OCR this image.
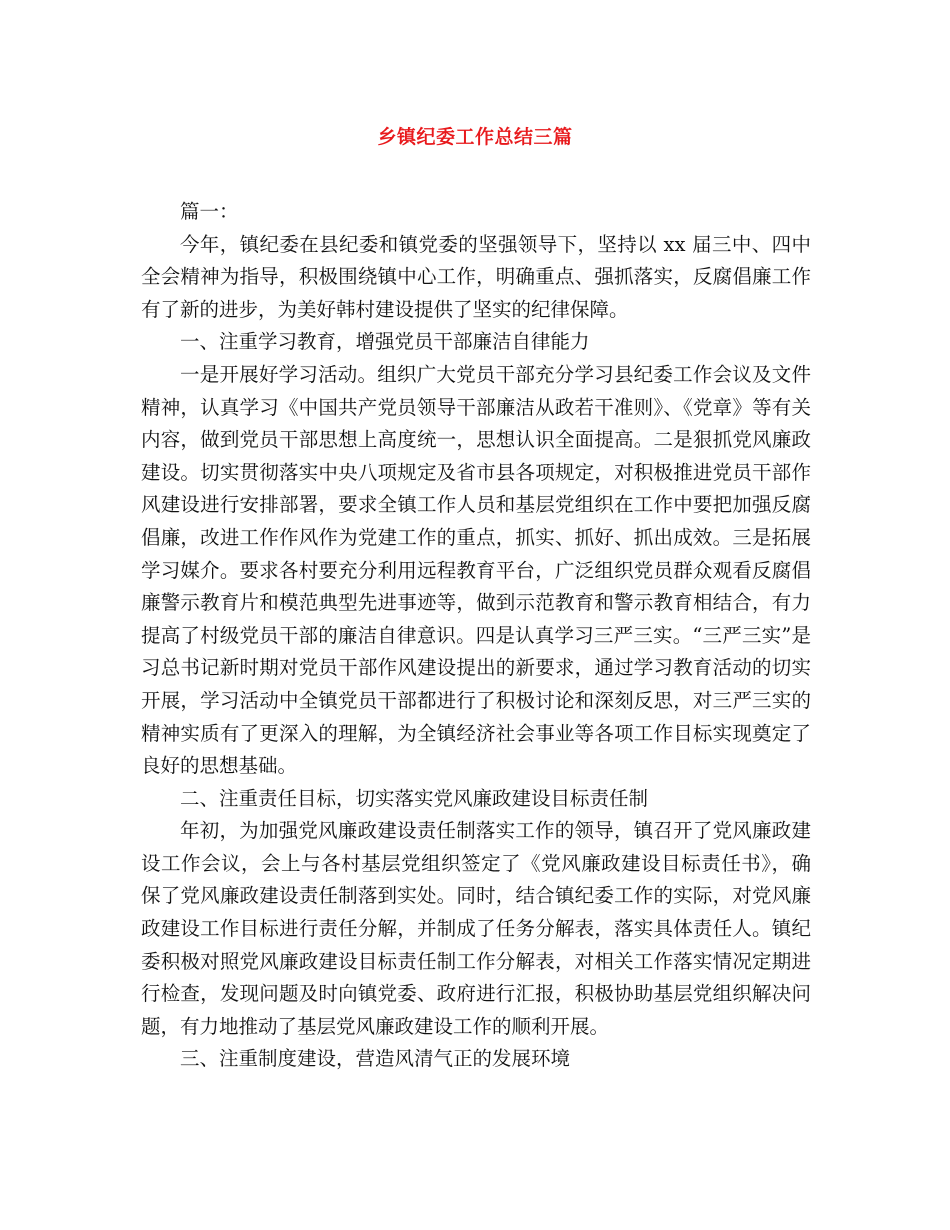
乡镇纪委工作总结三篇

篇一：

今年，镇纪委在县纪委和镇党委的坚强领导下，坚持以 xx 届三中、四中全会精神为指导，积极围绕镇中心工作，明确重点、强抓落实，反腐倡廉工作有了新的进步，为美好韩村建设提供了坚实的纪律保障。

一、注重学习教育，增强党员干部廉洁自律能力

一是开展好学习活动。组织广大党员干部充分学习县纪委工作会议及文件精神，认真学习《中国共产党员领导干部廉洁从政若干准则》、《党章》等有关内容，做到党员干部思想上高度统一，思想认识全面提高。二是狠抓党风廉政建设。切实贯彻落实中央八项规定及省市县各项规定，对积极推进党员干部作风建设进行安排部署，要求全镇工作人员和基层党组织在工作中要把加强反腐倡廉，改进工作作风作为党建工作的重点，抓实、抓好、抓出成效。三是拓展学习媒介。要求各村要充分利用远程教育平台，广泛组织党员群众观看反腐倡廉警示教育片和模范典型先进事迹等，做到示范教育和警示教育相结合，有力提高了村级党员干部的廉洁自律意识。四是认真学习三严三实。“三严三实”是习总书记新时期对党员干部作风建设提出的新要求，通过学习教育活动的切实开展，学习活动中全镇党员干部都进行了积极讨论和深刻反思，对三严三实的精神实质有了更深入的理解，为全镇经济社会事业等各项工作目标实现奠定了良好的思想基础。

二、注重责任目标，切实落实党风廉政建设目标责任制

年初，为加强党风廉政建设责任制落实工作的领导，镇召开了党风廉政建设工作会议，会上与各村基层党组织签定了《党风廉政建设目标责任书》，确保了党风廉政建设责任制落到实处。同时，结合镇纪委工作的实际，对党风廉政建设工作目标进行责任分解，并制成了任务分解表，落实具体责任人。镇纪委积极对照党风廉政建设目标责任制工作分解表，对相关工作落实情况定期进行检查，发现问题及时向镇党委、政府进行汇报，积极协助基层党组织解决问题，有力地推动了基层党风廉政建设工作的顺利开展。

三、注重制度建设，营造风清气正的发展环境
